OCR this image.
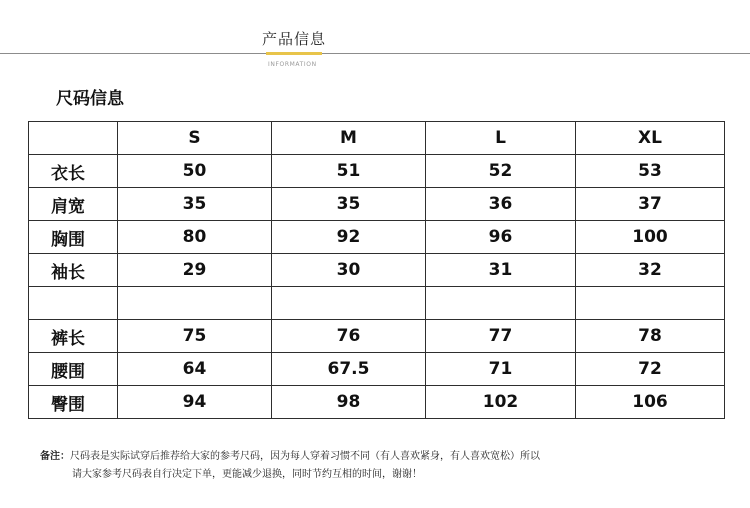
产品信息
INFORMATION
尺码信息
	S	M	L	XL
衣长	50	51	52	53
肩宽	35	35	36	37
胸围	80	92	96	100
袖长	29	30	31	32

裤长	75	76	77	78
腰围	64	67.5	71	72
臀围	94	98	102	106
备注：尺码表是实际试穿后推荐给大家的参考尺码，因为每人穿着习惯不同（有人喜欢紧身，有人喜欢宽松）所以
请大家参考尺码表自行决定下单，更能减少退换，同时节约互相的时间，谢谢！
